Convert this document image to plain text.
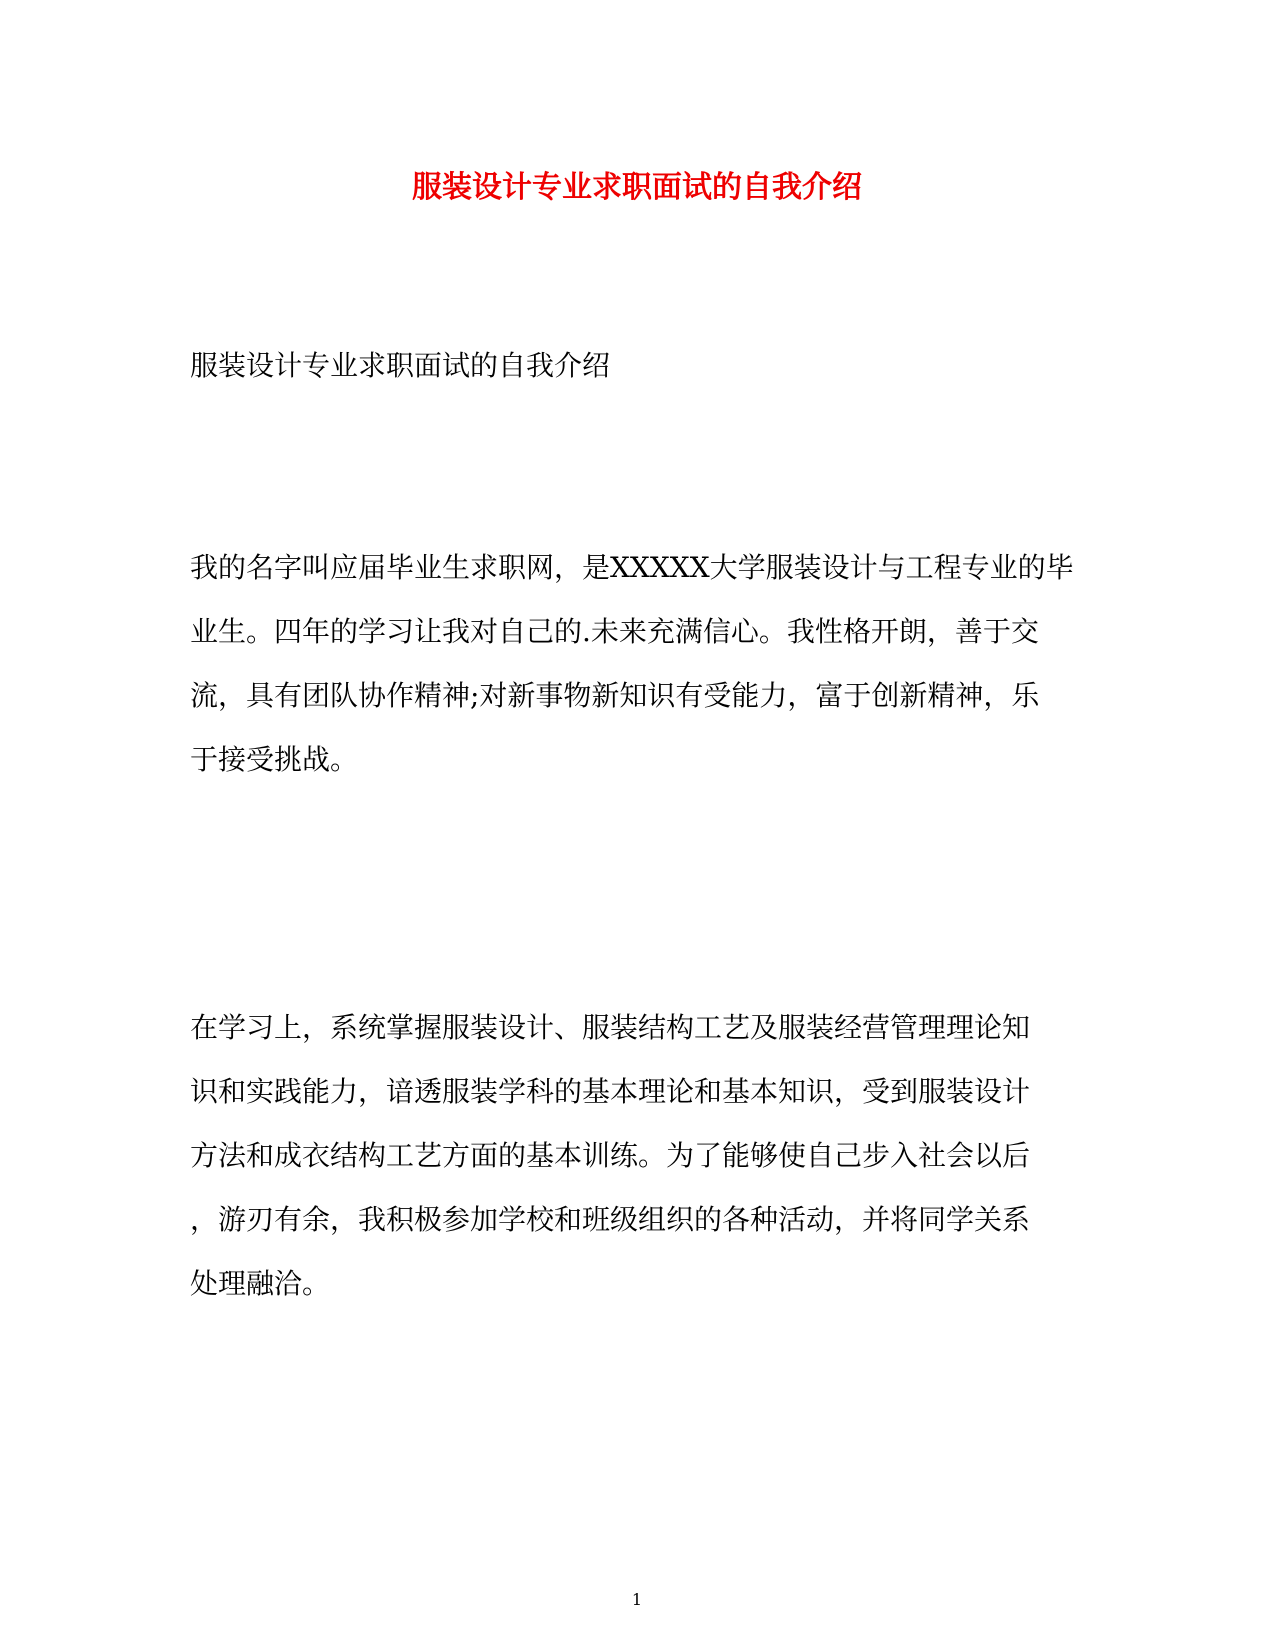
服装设计专业求职面试的自我介绍

服装设计专业求职面试的自我介绍

我的名字叫应届毕业生求职网，是XXXXX大学服装设计与工程专业的毕
业生。四年的学习让我对自己的.未来充满信心。我性格开朗，善于交
流，具有团队协作精神;对新事物新知识有受能力，富于创新精神，乐
于接受挑战。
在学习上，系统掌握服装设计、服装结构工艺及服装经营管理理论知
识和实践能力，谙透服装学科的基本理论和基本知识，受到服装设计
方法和成衣结构工艺方面的基本训练。为了能够使自己步入社会以后
，游刃有余，我积极参加学校和班级组织的各种活动，并将同学关系
处理融洽。
1
